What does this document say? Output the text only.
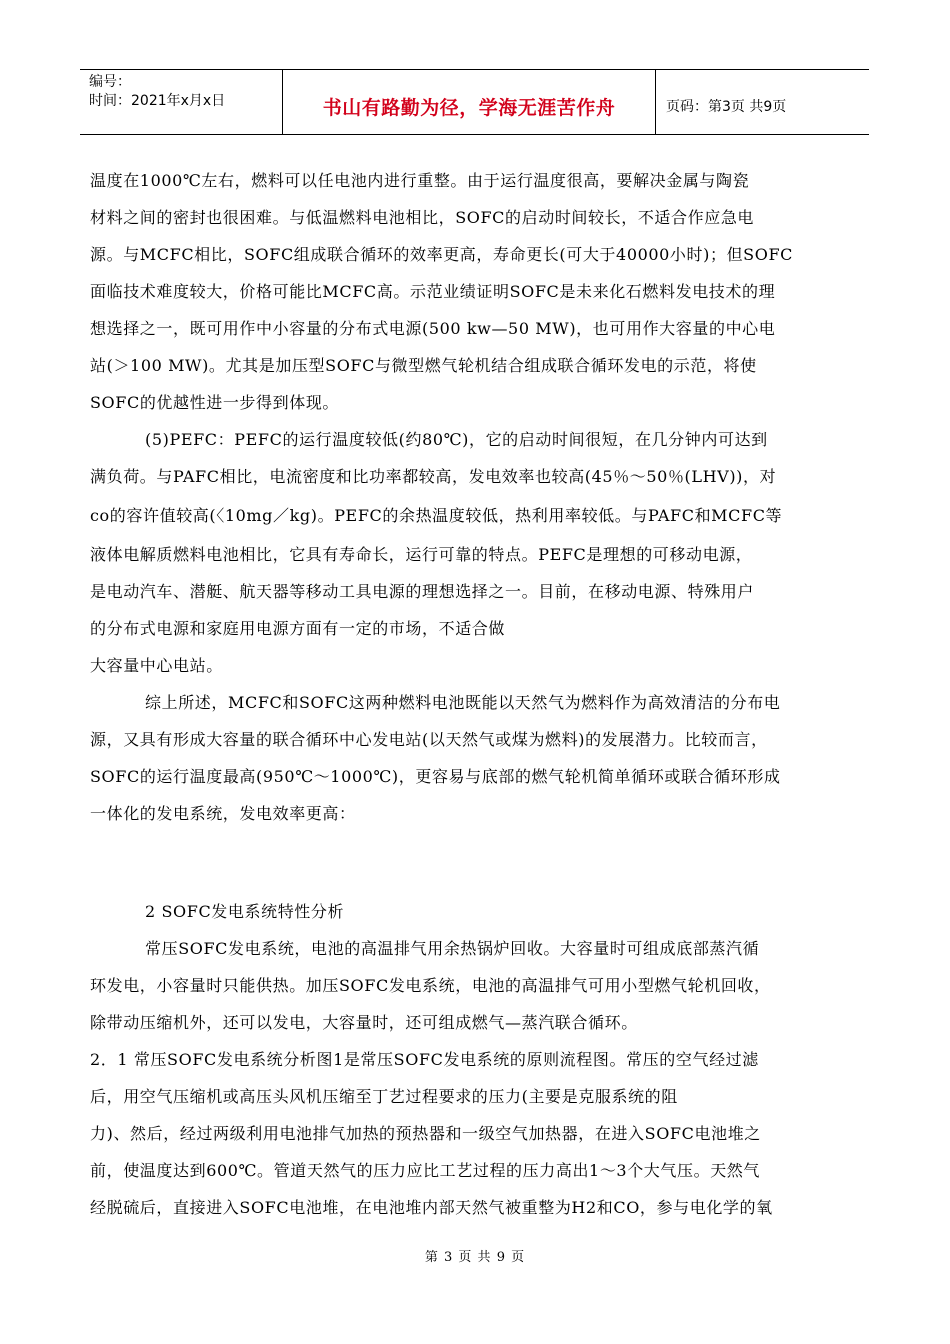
编号：
时间：2021年x月x日	书山有路勤为径，学海无涯苦作舟	页码：第3页 共9页
温度在1000℃左右，燃料可以任电池内进行重整。由于运行温度很高，要解决金属与陶瓷
材料之间的密封也很困难。与低温燃料电池相比，SOFC的启动时间较长，不适合作应急电
源。与MCFC相比，SOFC组成联合循环的效率更高，寿命更长(可大于40000小时)；但SOFC
面临技术难度较大，价格可能比MCFC高。示范业绩证明SOFC是未来化石燃料发电技术的理
想选择之一，既可用作中小容量的分布式电源(500 kw—50 MW)，也可用作大容量的中心电
站(＞100 MW)。尤其是加压型SOFC与微型燃气轮机结合组成联合循环发电的示范，将使
SOFC的优越性进一步得到体现。
(5)PEFC：PEFC的运行温度较低(约80℃)，它的启动时间很短，在几分钟内可达到
满负荷。与PAFC相比，电流密度和比功率都较高，发电效率也较高(45％～50％(LHV))，对
co的容许值较高(〈10mg／kg)。PEFC的余热温度较低，热利用率较低。与PAFC和MCFC等
液体电解质燃料电池相比，它具有寿命长，运行可靠的特点。PEFC是理想的可移动电源，
是电动汽车、潜艇、航天器等移动工具电源的理想选择之一。目前，在移动电源、特殊用户
的分布式电源和家庭用电源方面有一定的市场，不适合做
大容量中心电站。
综上所述，MCFC和SOFC这两种燃料电池既能以天然气为燃料作为高效清洁的分布电
源，又具有形成大容量的联合循环中心发电站(以天然气或煤为燃料)的发展潜力。比较而言，
SOFC的运行温度最高(950℃～1000℃)，更容易与底部的燃气轮机简单循环或联合循环形成
一体化的发电系统，发电效率更高：
2 SOFC发电系统特性分析
常压SOFC发电系统，电池的高温排气用余热锅炉回收。大容量时可组成底部蒸汽循
环发电，小容量时只能供热。加压SOFC发电系统，电池的高温排气可用小型燃气轮机回收，
除带动压缩机外，还可以发电，大容量时，还可组成燃气—蒸汽联合循环。
2．1 常压SOFC发电系统分析图1是常压SOFC发电系统的原则流程图。常压的空气经过滤
后，用空气压缩机或高压头风机压缩至丁艺过程要求的压力(主要是克服系统的阻
力)、然后，经过两级利用电池排气加热的预热器和一级空气加热器，在进入SOFC电池堆之
前，使温度达到600℃。管道天然气的压力应比工艺过程的压力高出1～3个大气压。天然气
经脱硫后，直接进入SOFC电池堆，在电池堆内部天然气被重整为H2和CO，参与电化学的氧
第 3 页 共 9 页
